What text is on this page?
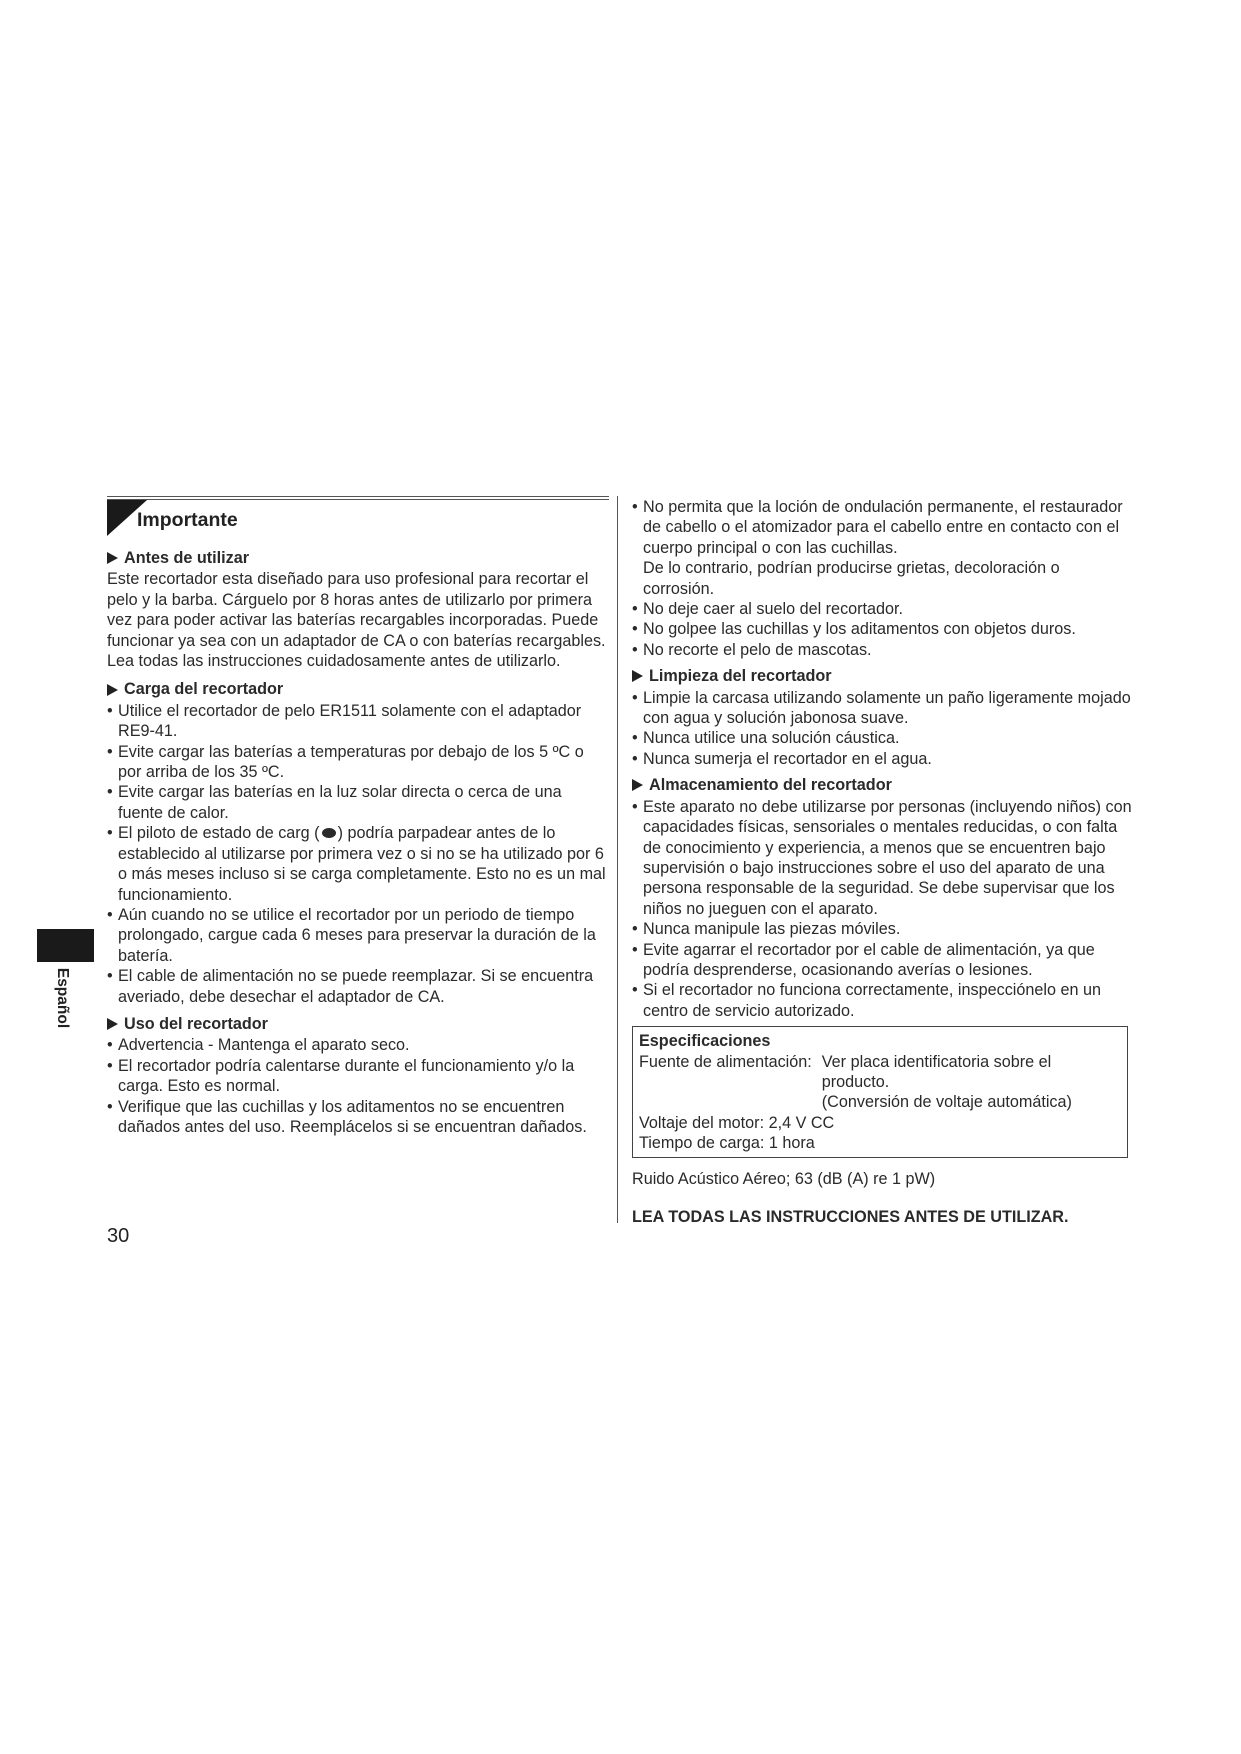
Español
Importante
Antes de utilizar

Este recortador esta diseñado para uso profesional para recortar el pelo y la barba. Cárguelo por 8 horas antes de utilizarlo por primera vez para poder activar las baterías recargables incorporadas. Puede funcionar ya sea con un adaptador de CA o con baterías recargables. Lea todas las instrucciones cuidadosamente antes de utilizarlo.

Carga del recortador
• Utilice el recortador de pelo ER1511 solamente con el adaptador RE9-41.
• Evite cargar las baterías a temperaturas por debajo de los 5 ºC o por arriba de los 35 ºC.
• Evite cargar las baterías en la luz solar directa o cerca de una fuente de calor.
• El piloto de estado de carg ( ) podría parpadear antes de lo establecido al utilizarse por primera vez o si no se ha utilizado por 6 o más meses incluso si se carga completamente. Esto no es un mal funcionamiento.
• Aún cuando no se utilice el recortador por un periodo de tiempo prolongado, cargue cada 6 meses para preservar la duración de la batería.
• El cable de alimentación no se puede reemplazar. Si se encuentra averiado, debe desechar el adaptador de CA.
Uso del recortador
• Advertencia - Mantenga el aparato seco.
• El recortador podría calentarse durante el funcionamiento y/o la carga. Esto es normal.
• Verifique que las cuchillas y los aditamentos no se encuentren dañados antes del uso. Reemplácelos si se encuentran dañados.
• No permita que la loción de ondulación permanente, el restaurador de cabello o el atomizador para el cabello entre en contacto con el cuerpo principal o con las cuchillas.
De lo contrario, podrían producirse grietas, decoloración o corrosión.
• No deje caer al suelo del recortador.
• No golpee las cuchillas y los aditamentos con objetos duros.
• No recorte el pelo de mascotas.
Limpieza del recortador
• Limpie la carcasa utilizando solamente un paño ligeramente mojado con agua y solución jabonosa suave.
• Nunca utilice una solución cáustica.
• Nunca sumerja el recortador en el agua.
Almacenamiento del recortador
• Este aparato no debe utilizarse por personas (incluyendo niños) con capacidades físicas, sensoriales o mentales reducidas, o con falta de conocimiento y experiencia, a menos que se encuentren bajo supervisión o bajo instrucciones sobre el uso del aparato de una persona responsable de la seguridad. Se debe supervisar que los niños no jueguen con el aparato.
• Nunca manipule las piezas móviles.
• Evite agarrar el recortador por el cable de alimentación, ya que podría desprenderse, ocasionando averías o lesiones.
• Si el recortador no funciona correctamente, inspecciónelo en un centro de servicio autorizado.
Especificaciones
Fuente de alimentación: Ver placa identificatoria sobre el
producto.
(Conversión de voltaje automática)
Voltaje del motor: 2,4 V CC
Tiempo de carga: 1 hora
Ruido Acústico Aéreo; 63 (dB (A) re 1 pW)
LEA TODAS LAS INSTRUCCIONES ANTES DE UTILIZAR.
30
